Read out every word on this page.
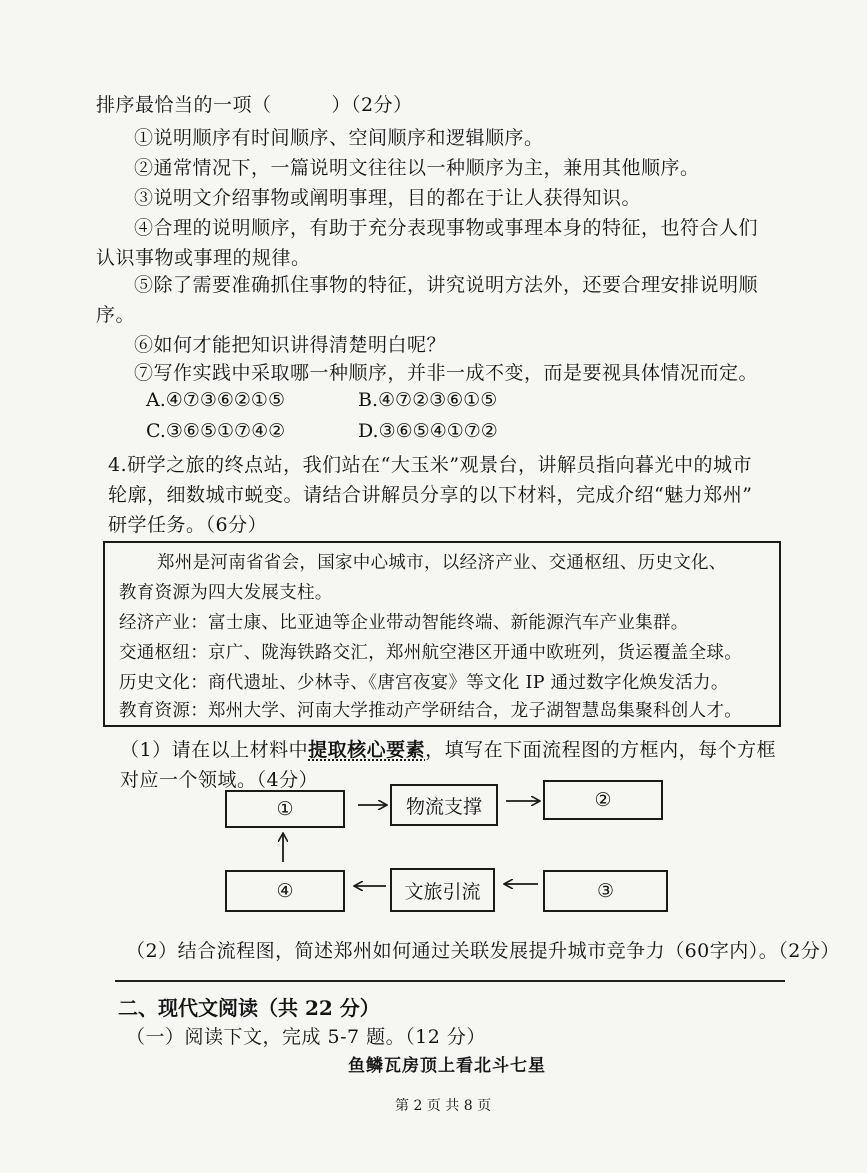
排序最恰当的一项（	）（2分）
①说明顺序有时间顺序、空间顺序和逻辑顺序。
②通常情况下，一篇说明文往往以一种顺序为主，兼用其他顺序。
③说明文介绍事物或阐明事理，目的都在于让人获得知识。
④合理的说明顺序，有助于充分表现事物或事理本身的特征，也符合人们
认识事物或事理的规律。
⑤除了需要准确抓住事物的特征，讲究说明方法外，还要合理安排说明顺
序。
⑥如何才能把知识讲得清楚明白呢？
⑦写作实践中采取哪一种顺序，并非一成不变，而是要视具体情况而定。
A.④⑦③⑥②①⑤	B.④⑦②③⑥①⑤
C.③⑥⑤①⑦④②	D.③⑥⑤④①⑦②
4.研学之旅的终点站，我们站在“大玉米”观景台，讲解员指向暮光中的城市
轮廓，细数城市蜕变。请结合讲解员分享的以下材料，完成介绍“魅力郑州”
研学任务。（6分）
郑州是河南省省会，国家中心城市，以经济产业、交通枢纽、历史文化、
教育资源为四大发展支柱。
经济产业：富士康、比亚迪等企业带动智能终端、新能源汽车产业集群。
交通枢纽：京广、陇海铁路交汇，郑州航空港区开通中欧班列，货运覆盖全球。
历史文化：商代遗址、少林寺、《唐宫夜宴》等文化 IP 通过数字化焕发活力。
教育资源：郑州大学、河南大学推动产学研结合，龙子湖智慧岛集聚科创人才。
（1）请在以上材料中提取核心要素，填写在下面流程图的方框内，每个方框
对应一个领域。（4分）
①	物流支撑	②
④	文旅引流	③
（2）结合流程图，简述郑州如何通过关联发展提升城市竞争力（60字内）。（2分）
二、现代文阅读（共 22 分）
（一）阅读下文，完成 5-7 题。（12 分）
鱼鳞瓦房顶上看北斗七星
第 2 页 共 8 页
